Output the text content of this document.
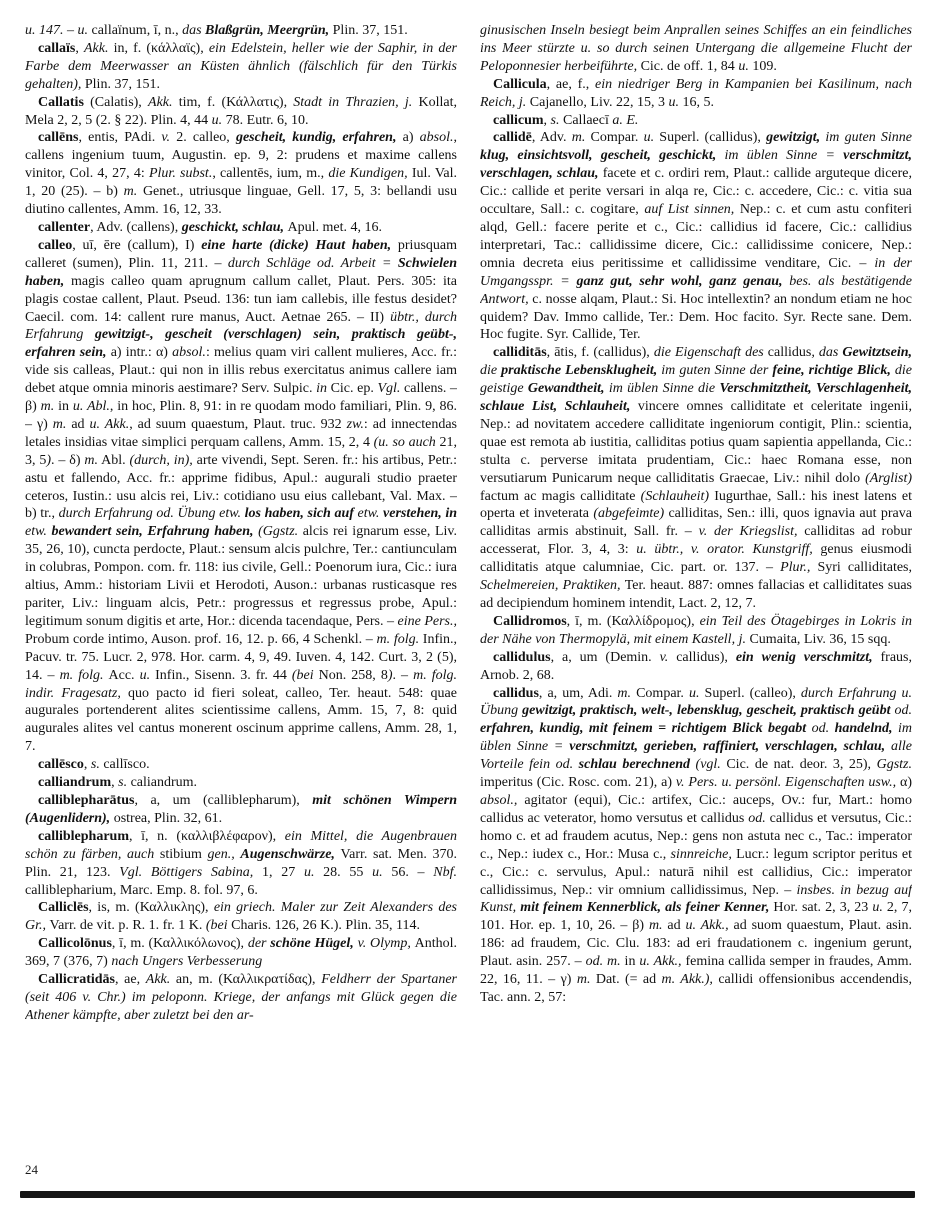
u. 147. – u. callaïnum, ī, n., das Blaßgrün, Meergrün, Plin. 37, 151.

callaïs, Akk. in, f. (κάλλαϊς), ein Edelstein, heller wie der Saphir, in der Farbe dem Meerwasser an Küsten ähnlich (fälschlich für den Türkis gehalten), Plin. 37, 151.

Callatis (Calatis), Akk. tim, f. (Κάλλατις), Stadt in Thrazien, j. Kollat, Mela 2, 2, 5 (2. § 22). Plin. 4, 44 u. 78. Eutr. 6, 10.

callēns, entis, PAdi. v. 2. calleo, gescheit, kundig, erfahren, a) absol., callens ingenium tuum, Augustin. ep. 9, 2: prudens et maxime callens vinitor, Col. 4, 27, 4: Plur. subst., callentēs, ium, m., die Kundigen, Iul. Val. 1, 20 (25). – b) m. Genet., utriusque linguae, Gell. 17, 5, 3: bellandi usu diutino callentes, Amm. 16, 12, 33.

callenter, Adv. (callens), geschickt, schlau, Apul. met. 4, 16.

calleo, uī, ēre (callum), I) eine harte (dicke) Haut haben, priusquam calleret (sumen), Plin. 11, 211. – durch Schläge od. Arbeit = Schwielen haben, magis calleo quam aprugnum callum callet, Plaut. Pers. 305: ita plagis costae callent, Plaut. Pseud. 136: tun iam callebis, ille festus desidet? Caecil. com. 14: callent rure manus, Auct. Aetnae 265. – II) übtr., durch Erfahrung gewitzigt-, gescheit (verschlagen) sein, praktisch geübt-, erfahren sein, a) intr.: α) absol.: melius quam viri callent mulieres, Acc. fr.: vide sis calleas, Plaut.: qui non in illis rebus exercitatus animus callere iam debet atque omnia minoris aestimare? Serv. Sulpic. in Cic. ep. Vgl. callens. – β) m. in u. Abl., in hoc, Plin. 8, 91: in re quodam modo familiari, Plin. 9, 86. – γ) m. ad u. Akk., ad suum quaestum, Plaut. truc. 932 zw.: ad innectendas letales insidias vitae simplici perquam callens, Amm. 15, 2, 4 (u. so auch 21, 3, 5). – δ) m. Abl. (durch, in), arte vivendi, Sept. Seren. fr.: his artibus, Petr.: astu et fallendo, Acc. fr.: apprime fidibus, Apul.: augurali studio praeter ceteros, Iustin.: usu alcis rei, Liv.: cotidiano usu eius callebant, Val. Max. – b) tr., durch Erfahrung od. Übung etw. los haben, sich auf etw. verstehen, in etw. bewandert sein, Erfahrung haben, (Ggstz. alcis rei ignarum esse, Liv. 35, 26, 10), cuncta perdocte, Plaut.: sensum alcis pulchre, Ter.: cantiunculam in colubras, Pompon. com. fr. 118: ius civile, Gell.: Poenorum iura, Cic.: iura altius, Amm.: historiam Livii et Herodoti, Auson.: urbanas rusticasque res pariter, Liv.: linguam alcis, Petr.: progressus et regressus probe, Apul.: legitimum sonum digitis et arte, Hor.: dicenda tacendaque, Pers. – eine Pers., Probum corde intimo, Auson. prof. 16, 12. p. 66, 4 Schenkl. – m. folg. Infin., Pacuv. tr. 75. Lucr. 2, 978. Hor. carm. 4, 9, 49. Iuven. 4, 142. Curt. 3, 2 (5), 14. – m. folg. Acc. u. Infin., Sisenn. 3. fr. 44 (bei Non. 258, 8). – m. folg. indir. Fragesatz, quo pacto id fieri soleat, calleo, Ter. heaut. 548: quae augurales portenderent alites scientissime callens, Amm. 15, 7, 8: quid augurales alites vel cantus monerent oscinum apprime callens, Amm. 28, 1, 7.

callēsco, s. callīsco.

calliandrum, s. caliandrum.

calliblepharātus, a, um (calliblepharum), mit schönen Wimpern (Augenlidern), ostrea, Plin. 32, 61.

calliblepharum, ī, n. (καλλιβλέφαρον), ein Mittel, die Augenbrauen schön zu färben, auch stibium gen., Augenschwärze, Varr. sat. Men. 370. Plin. 21, 123. Vgl. Böttigers Sabina, 1, 27 u. 28. 55 u. 56. – Nbf. calliblepharium, Marc. Emp. 8. fol. 97, 6.

Calliclēs, is, m. (Καλλικλης), ein griech. Maler zur Zeit Alexanders des Gr., Varr. de vit. p. R. 1. fr. 1 K. (bei Charis. 126, 26 K.). Plin. 35, 114.

Callicolōnus, ī, m. (Καλλικόλωνος), der schöne Hügel, v. Olymp, Anthol. 369, 7 (376, 7) nach Ungers Verbesserung

Callicratidās, ae, Akk. an, m. (Καλλικρατίδας), Feldherr der Spartaner (seit 406 v. Chr.) im peloponn. Kriege, der anfangs mit Glück gegen die Athener kämpfte, aber zuletzt bei den ar-

ginusischen Inseln besiegt beim Anprallen seines Schiffes an ein feindliches ins Meer stürzte u. so durch seinen Untergang die allgemeine Flucht der Peloponnesier herbeiführte, Cic. de off. 1, 84 u. 109.

Callicula, ae, f., ein niedriger Berg in Kampanien bei Kasilinum, nach Reich, j. Cajanello, Liv. 22, 15, 3 u. 16, 5.

callicum, s. Callaecī a. E.

callidē, Adv. m. Compar. u. Superl. (callidus), gewitzigt, im guten Sinne klug, einsichtsvoll, gescheit, geschickt, im üblen Sinne = verschmitzt, verschlagen, schlau, facete et c. ordiri rem, Plaut.: callide arguteque dicere, Cic.: callide et perite versari in alqa re, Cic.: c. accedere, Cic.: c. vitia sua occultare, Sall.: c. cogitare, auf List sinnen, Nep.: c. et cum astu confiteri alqd, Gell.: facere perite et c., Cic.: callidius id facere, Cic.: callidius interpretari, Tac.: callidissime dicere, Cic.: callidissime conicere, Nep.: omnia decreta eius peritissime et callidissime venditare, Cic. – in der Umgangsspr. = ganz gut, sehr wohl, ganz genau, bes. als bestätigende Antwort, c. nosse alqam, Plaut.: Si. Hoc intellextin? an nondum etiam ne hoc quidem? Dav. Immo callide, Ter.: Dem. Hoc facito. Syr. Recte sane. Dem. Hoc fugite. Syr. Callide, Ter.

calliditās, ātis, f. (callidus), die Eigenschaft des callidus, das Gewitztsein, die praktische Lebensklugheit, im guten Sinne der feine, richtige Blick, die geistige Gewandtheit, im üblen Sinne die Verschmitztheit, Verschlagenheit, schlaue List, Schlauheit, vincere omnes calliditate et celeritate ingenii, Nep.: ad novitatem accedere calliditate ingeniorum contigit, Plin.: scientia, quae est remota ab iustitia, calliditas potius quam sapientia appellanda, Cic.: stulta c. perverse imitata prudentiam, Cic.: haec Romana esse, non versutiarum Punicarum neque calliditatis Graecae, Liv.: nihil dolo (Arglist) factum ac magis calliditate (Schlauheit) Iugurthae, Sall.: his inest latens et operta et inveterata (abgefeimte) calliditas, Sen.: illi, quos ignavia aut prava calliditas armis abstinuit, Sall. fr. – v. der Kriegslist, calliditas ad robur accesserat, Flor. 3, 4, 3: u. übtr., v. orator. Kunstgriff, genus eiusmodi calliditatis atque calumniae, Cic. part. or. 137. – Plur., Syri calliditates, Schelmereien, Praktiken, Ter. heaut. 887: omnes fallacias et calliditates suas ad decipiendum hominem intendit, Lact. 2, 12, 7.

Callidromos, ī, m. (Καλλίδρομος), ein Teil des Ötagebirges in Lokris in der Nähe von Thermopylä, mit einem Kastell, j. Cumaita, Liv. 36, 15 sqq.

callidulus, a, um (Demin. v. callidus), ein wenig verschmitzt, fraus, Arnob. 2, 68.

callidus, a, um, Adi. m. Compar. u. Superl. (calleo), durch Erfahrung u. Übung gewitzigt, praktisch, welt-, lebensklug, gescheit, praktisch geübt od. erfahren, kundig, mit feinem = richtigem Blick begabt od. handelnd, im üblen Sinne = verschmitzt, gerieben, raffiniert, verschlagen, schlau, alle Vorteile fein od. schlau berechnend (vgl. Cic. de nat. deor. 3, 25), Ggstz. imperitus (Cic. Rosc. com. 21), a) v. Pers. u. persönl. Eigenschaften usw., α) absol., agitator (equi), Cic.: artifex, Cic.: auceps, Ov.: fur, Mart.: homo callidus ac veterator, homo versutus et callidus od. callidus et versutus, Cic.: homo c. et ad fraudem acutus, Nep.: gens non astuta nec c., Tac.: imperator c., Nep.: iudex c., Hor.: Musa c., sinnreiche, Lucr.: legum scriptor peritus et c., Cic.: c. servulus, Apul.: naturā nihil est callidius, Cic.: imperator callidissimus, Nep.: vir omnium callidissimus, Nep. – insbes. in bezug auf Kunst, mit feinem Kennerblick, als feiner Kenner, Hor. sat. 2, 3, 23 u. 2, 7, 101. Hor. ep. 1, 10, 26. – β) m. ad u. Akk., ad suom quaestum, Plaut. asin. 186: ad fraudem, Cic. Clu. 183: ad eri fraudationem c. ingenium gerunt, Plaut. asin. 257. – od. m. in u. Akk., femina callida semper in fraudes, Amm. 22, 16, 11. – γ) m. Dat. (= ad m. Akk.), callidi offensionibus accendendis, Tac. ann. 2, 57:

24
